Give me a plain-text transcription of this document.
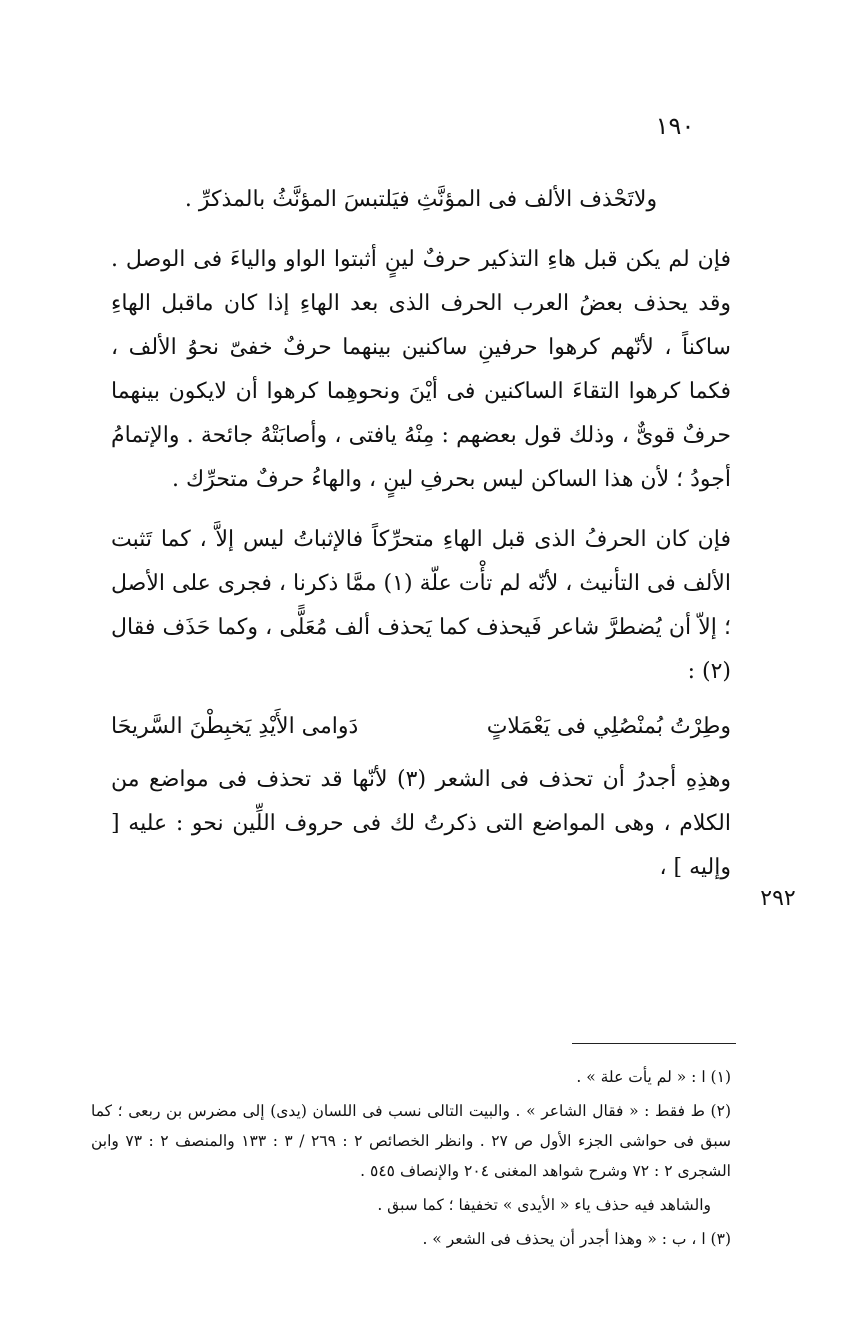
١٩٠

ولاتَحْذف الألف فى المؤنَّثِ فيَلتبسَ المؤنَّثُ بالمذكرِّ .

فإن لم يكن قبل هاءِ التذكير حرفٌ لينٍ أثبتوا الواو والياءَ فى الوصل . وقد يحذف بعضُ العرب الحرف الذى بعد الهاءِ إذا كان ماقبل الهاءِ ساكناً ، لأنّهم كرهوا حرفينِ ساكنين بينهما حرفٌ خفىّ نحوُ الألف ، فكما كرهوا التقاءَ الساكنين فى أيْنَ ونحوهِما كرهوا أن لايكون بينهما حرفٌ قوىٌّ ، وذلك قول بعضهم : مِنْهُ يافتى ، وأصابَتْهُ جائحة . والإتمامُ أجودُ ؛ لأن هذا الساكن ليس بحرفِ لينٍ ، والهاءُ حرفٌ متحرِّك .

فإن كان الحرفُ الذى قبل الهاءِ متحرِّكاً فالإثباتُ ليس إلاَّ ، كما تَثبت الألف فى التأنيث ، لأنّه لم تأْت علّة (١) ممَّا ذكرنا ، فجرى على الأصل ؛ إلاّ أن يُضطرَّ شاعر فَيحذف كما يَحذف ألف مُعَلًّى ، وكما حَذَف فقال (٢) :

وطِرْتُ بُمنْصُلِي فى يَعْمَلاتٍ
دَوامى الأَيْدِ يَخبِطْنَ السَّريحَا

وهذِهِ أجدرُ أن تحذف فى الشعر (٣) لأنّها قد تحذف فى مواضع من الكلام ، وهى المواضع التى ذكرتُ لك فى حروف اللِّين نحو : عليه [ وإليه ] ،

٢٩٢

(١) ا : « لم يأت علة » .

(٢) ط فقط : « فقال الشاعر » . والبيت التالى نسب فى اللسان (يدى) إلى مضرس بن ربعى ؛ كما سبق فى حواشى الجزء الأول ص ٢٧ . وانظر الخصائص ٢ : ٢٦٩ / ٣ : ١٣٣ والمنصف ٢ : ٧٣ وابن الشجرى ٢ : ٧٢ وشرح شواهد المغنى ٢٠٤ والإنصاف ٥٤٥ .

والشاهد فيه حذف ياء « الأيدى » تخفيفا ؛ كما سبق .

(٣) ا ، ب : « وهذا أجدر أن يحذف فى الشعر » .
